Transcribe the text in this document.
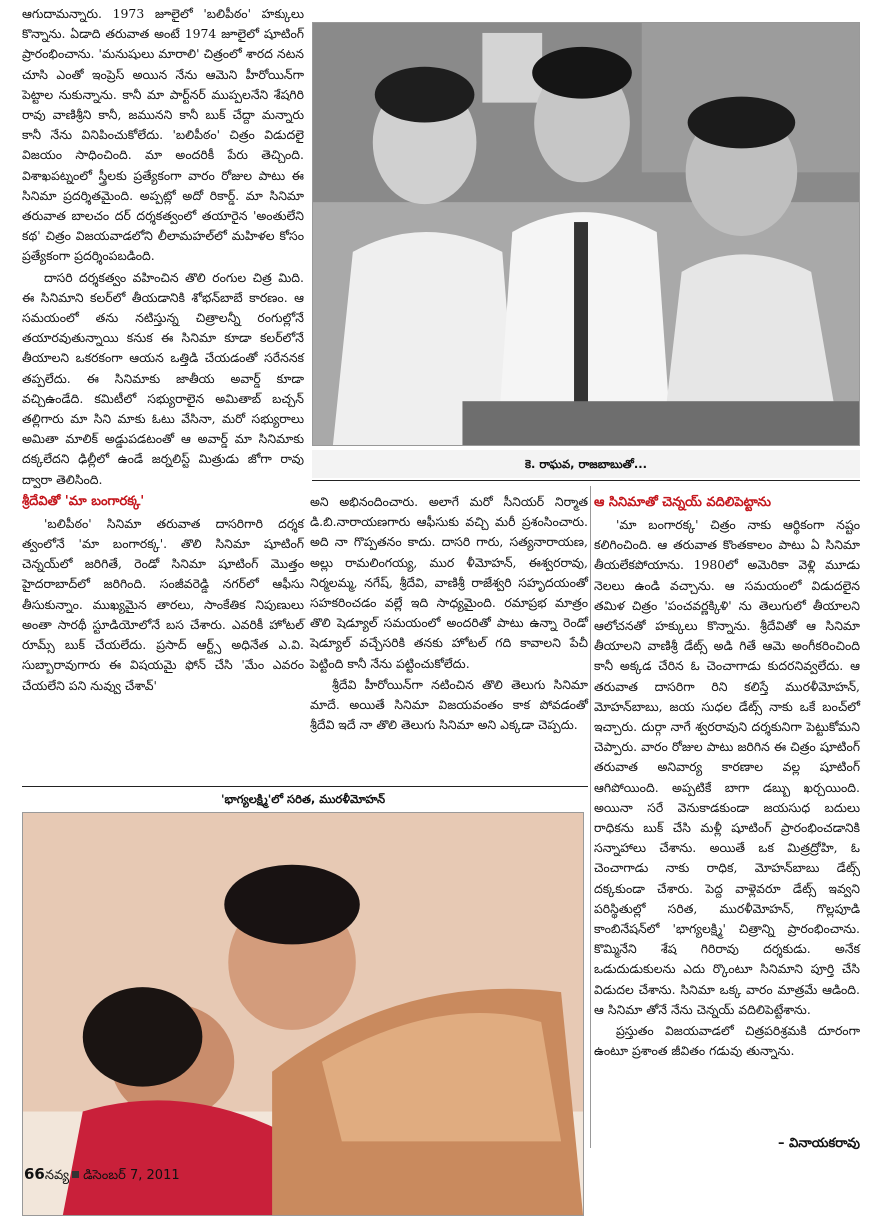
ఆగుదామన్నారు. 1973 జూలైలో 'బలిపీఠం' హక్కులు కొన్నాను. ఏడాది తరువాత అంటే 1974 జూలైలో షూటింగ్ ప్రారంభించాను. 'మనుషులు మారాలి' చిత్రంలో శారద నటన చూసి ఎంతో ఇంప్రెస్ అయిన నేను ఆమెని హీరోయిన్‌గా పెట్టాల నుకున్నాను. కానీ మా పార్ట్‌నర్ ముప్పలనేని శేషగిరి రావు వాణిశ్రీని కానీ, జమునని కానీ బుక్ చేద్దా మన్నారు కానీ నేను వినిపించుకోలేదు. 'బలిపీఠం' చిత్రం విడుదలై విజయం సాధించింది. మా అందరికీ పేరు తెచ్చింది. విశాఖపట్నంలో స్త్రీలకు ప్రత్యేకంగా వారం రోజుల పాటు ఈ సినిమా ప్రదర్శితమైంది. అప్పట్లో అదో రికార్డ్. మా సినిమా తరువాత బాలచం దర్ దర్శకత్వంలో తయారైన 'అంతులేని కథ' చిత్రం విజయవాడలోని లీలామహల్‌లో మహిళల కోసం ప్రత్యేకంగా ప్రదర్శింపబడింది.

దాసరి దర్శకత్వం వహించిన తొలి రంగుల చిత్ర మిది. ఈ సినిమాని కలర్‌లో తీయడానికి శోభన్‌బాబే కారణం. ఆ సమయంలో తను నటిస్తున్న చిత్రాలన్నీ రంగుల్లోనే తయారవుతున్నాయి కనుక ఈ సినిమా కూడా కలర్‌లోనే తీయాలని ఒకరకంగా ఆయన ఒత్తిడి చేయడంతో సరేననక తప్పలేదు. ఈ సినిమాకు జాతీయ అవార్డ్ కూడా వచ్చిఉండేది. కమిటీలో సభ్యురాలైన అమితాబ్ బచ్చన్ తల్లిగారు మా సిని మాకు ఓటు వేసినా, మరో సభ్యురాలు అమితా మాలిక్ అడ్డుపడటంతో ఆ అవార్డ్ మా సినిమాకు దక్కలేదని ఢిల్లీలో ఉండే జర్నలిస్ట్ మిత్రుడు జోగా రావు ద్వారా తెలిసింది.

శ్రీదేవితో 'మా బంగారక్క'

'బలిపీఠం' సినిమా తరువాత దాసరిగారి దర్శక త్వంలోనే 'మా బంగారక్క'. తొలి సినిమా షూటింగ్ చెన్నయ్‌లో జరిగితే, రెండో సినిమా షూటింగ్ మొత్తం హైదరాబాద్‌లో జరిగింది. సంజీవరెడ్డి నగర్‌లో ఆఫీసు తీసుకున్నాం. ముఖ్యమైన తారలు, సాంకేతిక నిపుణులు అంతా సారథీ స్టూడియోలోనే బస చేశారు. ఎవరికీ హోటల్ రూమ్స్ బుక్ చేయలేదు. ప్రసాద్ ఆర్ట్స్ అధినేత ఎ.వి. సుబ్బారావుగారు ఈ విషయమై ఫోన్ చేసి 'మేం ఎవరం చేయలేని పని నువ్వు చేశావ్'

కె. రాఘవ, రాజబాబుతో...

అని అభినందించారు. అలాగే మరో సీనియర్ నిర్మాత డి.బి.నారాయణగారు ఆఫీసుకు వచ్చి మరీ ప్రశంసించారు. అది నా గొప్పతనం కాదు. దాసరి గారు, సత్యనారాయణ, అల్లు రామలింగయ్య, ముర ళీమోహన్, ఈశ్వరరావు, నిర్మలమ్మ, నగేష్, శ్రీదేవి, వాణిశ్రీ రాజేశ్వరి సహృదయంతో సహకరించడం వల్లే ఇది సాధ్యమైంది. రమాప్రభ మాత్రం తొలి షెడ్యూల్ సమయంలో అందరితో పాటు ఉన్నా రెండో షెడ్యూల్ వచ్చేసరికి తనకు హోటల్ గది కావాలని పేచీ పెట్టింది కానీ నేను పట్టించుకోలేదు.

శ్రీదేవి హీరోయిన్‌గా నటించిన తొలి తెలుగు సినిమా మాదే. అయితే సినిమా విజయవంతం కాక పోవడంతో శ్రీదేవి ఇదే నా తొలి తెలుగు సినిమా అని ఎక్కడా చెప్పదు.

ఆ సినిమాతో చెన్నయ్ వదిలిపెట్టాను

'మా బంగారక్క' చిత్రం నాకు ఆర్థికంగా నష్టం కలిగించింది. ఆ తరువాత కొంతకాలం పాటు ఏ సినిమా తీయలేకపోయాను. 1980లో అమెరికా వెళ్లి మూడు నెలలు ఉండి వచ్చాను. ఆ సమయంలో విడుదలైన తమిళ చిత్రం 'పంచవర్ణక్కిళి' ను తెలుగులో తీయాలని ఆలోచనతో హక్కులు కొన్నాను. శ్రీదేవితో ఆ సినిమా తీయాలని వాణిశ్రీ డేట్స్ అడి గితే ఆమె అంగీకరించింది కానీ అక్కడ చేరిన ఓ చెంచాగాడు కుదరనివ్వలేదు. ఆ తరువాత దాసరిగా రిని కలిస్తే మురళీమోహన్, మోహన్‌బాబు, జయ సుధల డేట్స్ నాకు ఒకే బంచ్‌లో ఇచ్చారు. దుర్గా నాగే శ్వరరావుని దర్శకునిగా పెట్టుకోమని చెప్పారు. వారం రోజుల పాటు జరిగిన ఈ చిత్రం షూటింగ్ తరువాత అనివార్య కారణాల వల్ల షూటింగ్ ఆగిపోయింది. అప్పటికే బాగా డబ్బు ఖర్చయింది. అయినా సరే వెనుకాడకుండా జయసుధ బదులు రాధికను బుక్ చేసి మళ్లీ షూటింగ్ ప్రారంభించడానికి సన్నాహాలు చేశాను. అయితే ఒక మిత్రద్రోహి, ఓ చెంచాగాడు నాకు రాధిక, మోహన్‌బాబు డేట్స్ దక్కకుండా చేశారు. పెద్ద వాళ్లెవరూ డేట్స్ ఇవ్వని పరిస్థితుల్లో సరిత, మురళీమోహన్, గొల్లపూడి కాంబినేషన్‌లో 'భాగ్యలక్ష్మి' చిత్రాన్ని ప్రారంభించాను. కొమ్మినేని శేష గిరిరావు దర్శకుడు. అనేక ఒడుదుడుకులను ఎదు ర్కొంటూ సినిమాని పూర్తి చేసి విడుదల చేశాను. సినిమా ఒక్క వారం మాత్రమే ఆడింది. ఆ సినిమా తోనే నేను చెన్నయ్ వదిలిపెట్టేశాను.

ప్రస్తుతం విజయవాడలో చిత్రపరిశ్రమకి దూరంగా ఉంటూ ప్రశాంత జీవితం గడువు తున్నాను.

– వినాయకరావు
'భాగ్యలక్ష్మి'లో సరిత, మురళీమోహన్
66నవ్య డిసెంబర్ 7, 2011
